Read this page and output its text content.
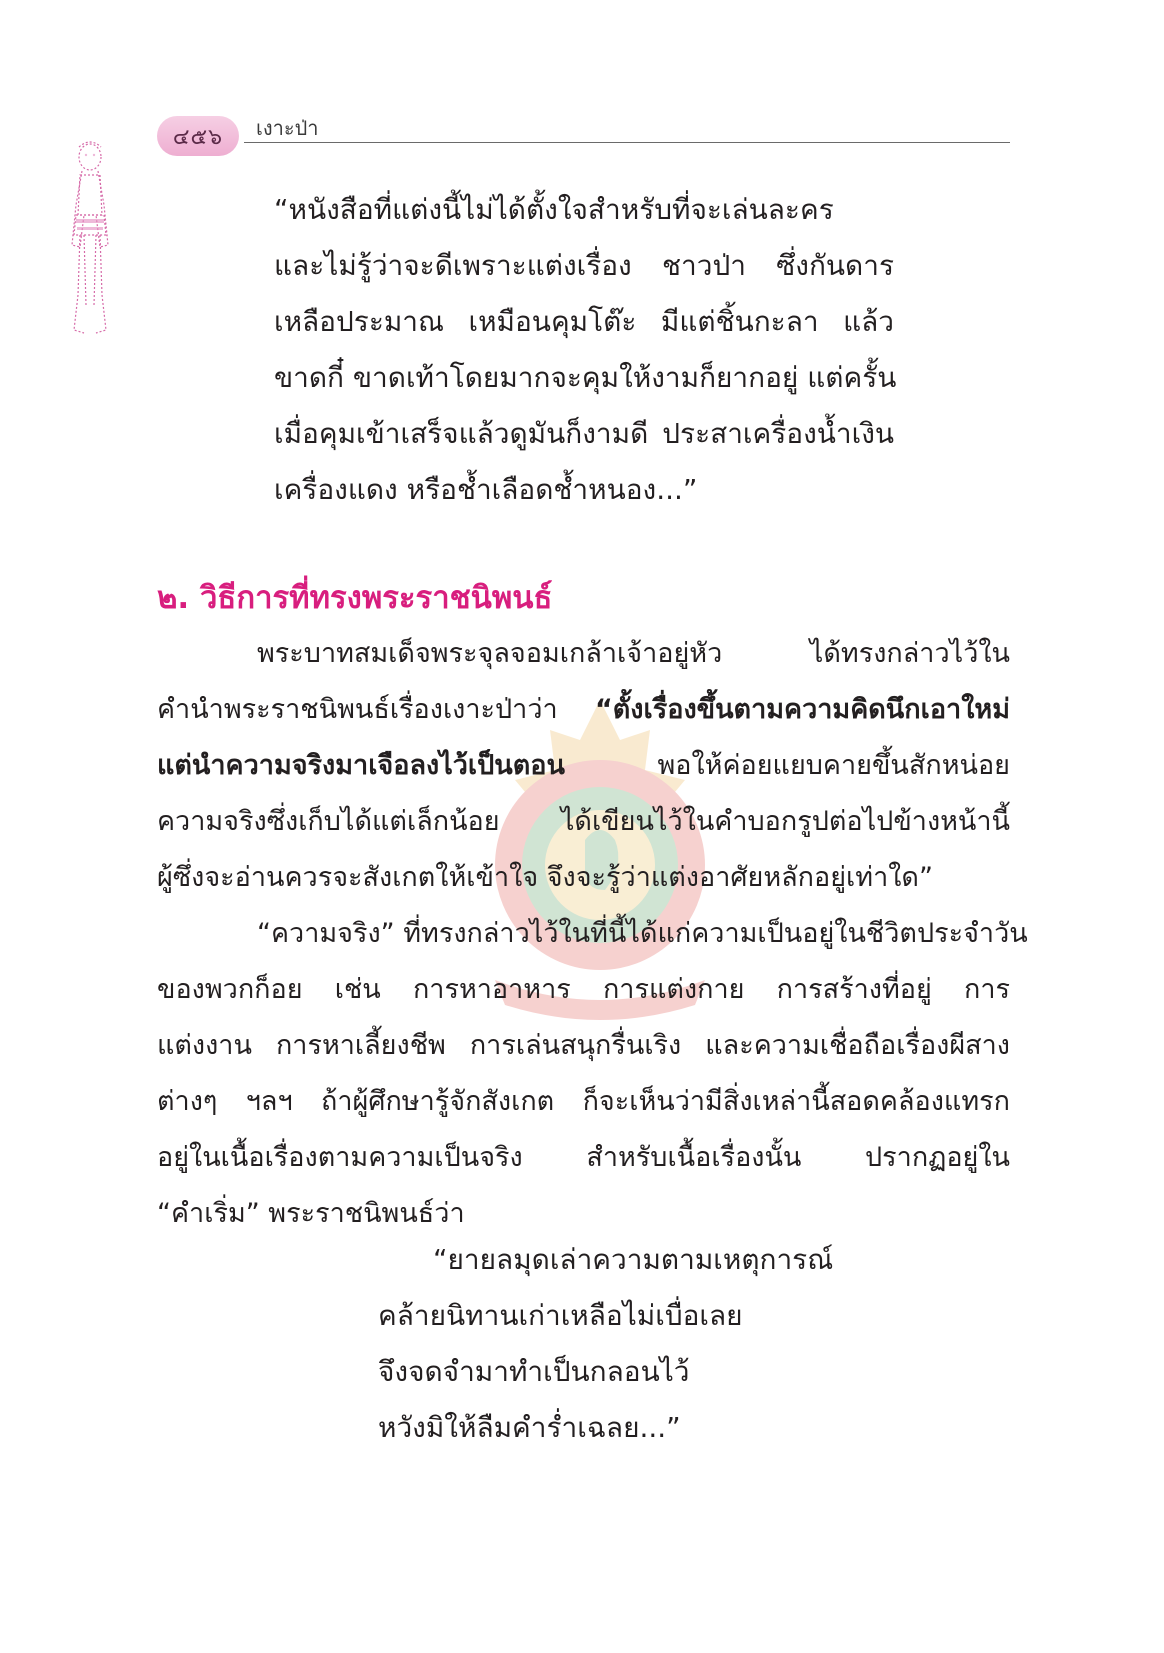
๔๕๖ เงาะป่า
“หนังสือที่แต่งนี้ไม่ได้ตั้งใจสำหรับที่จะเล่นละคร
และไม่รู้ว่าจะดีเพราะแต่งเรื่อง ชาวป่า ซึ่งกันดาร
เหลือประมาณ เหมือนคุมโต๊ะ มีแต่ชิ้นกะลา แล้ว
ขาดกี๋ ขาดเท้าโดยมากจะคุมให้งามก็ยากอยู่ แต่ครั้น
เมื่อคุมเข้าเสร็จแล้วดูมันก็งามดี ประสาเครื่องน้ำเงิน
เครื่องแดง หรือช้ำเลือดช้ำหนอง...”
๒. วิธีการที่ทรงพระราชนิพนธ์
พระบาทสมเด็จพระจุลจอมเกล้าเจ้าอยู่หัว ได้ทรงกล่าวไว้ใน
คำนำพระราชนิพนธ์เรื่องเงาะป่าว่า “ตั้งเรื่องขึ้นตามความคิดนึกเอาใหม่
แต่นำความจริงมาเจือลงไว้เป็นตอน พอให้ค่อยแยบคายขึ้นสักหน่อย
ความจริงซึ่งเก็บได้แต่เล็กน้อย ได้เขียนไว้ในคำบอกรูปต่อไปข้างหน้านี้
ผู้ซึ่งจะอ่านควรจะสังเกตให้เข้าใจ จึงจะรู้ว่าแต่งอาศัยหลักอยู่เท่าใด”
“ความจริง” ที่ทรงกล่าวไว้ในที่นี้ได้แก่ความเป็นอยู่ในชีวิตประจำวัน
ของพวกก็อย เช่น การหาอาหาร การแต่งกาย การสร้างที่อยู่ การ
แต่งงาน การหาเลี้ยงชีพ การเล่นสนุกรื่นเริง และความเชื่อถือเรื่องผีสาง
ต่างๆ ฯลฯ ถ้าผู้ศึกษารู้จักสังเกต ก็จะเห็นว่ามีสิ่งเหล่านี้สอดคล้องแทรก
อยู่ในเนื้อเรื่องตามความเป็นจริง สำหรับเนื้อเรื่องนั้น ปรากฏอยู่ใน
“คำเริ่ม” พระราชนิพนธ์ว่า
“ยายลมุดเล่าความตามเหตุการณ์
คล้ายนิทานเก่าเหลือไม่เบื่อเลย
จึงจดจำมาทำเป็นกลอนไว้
หวังมิให้ลืมคำร่ำเฉลย...”
